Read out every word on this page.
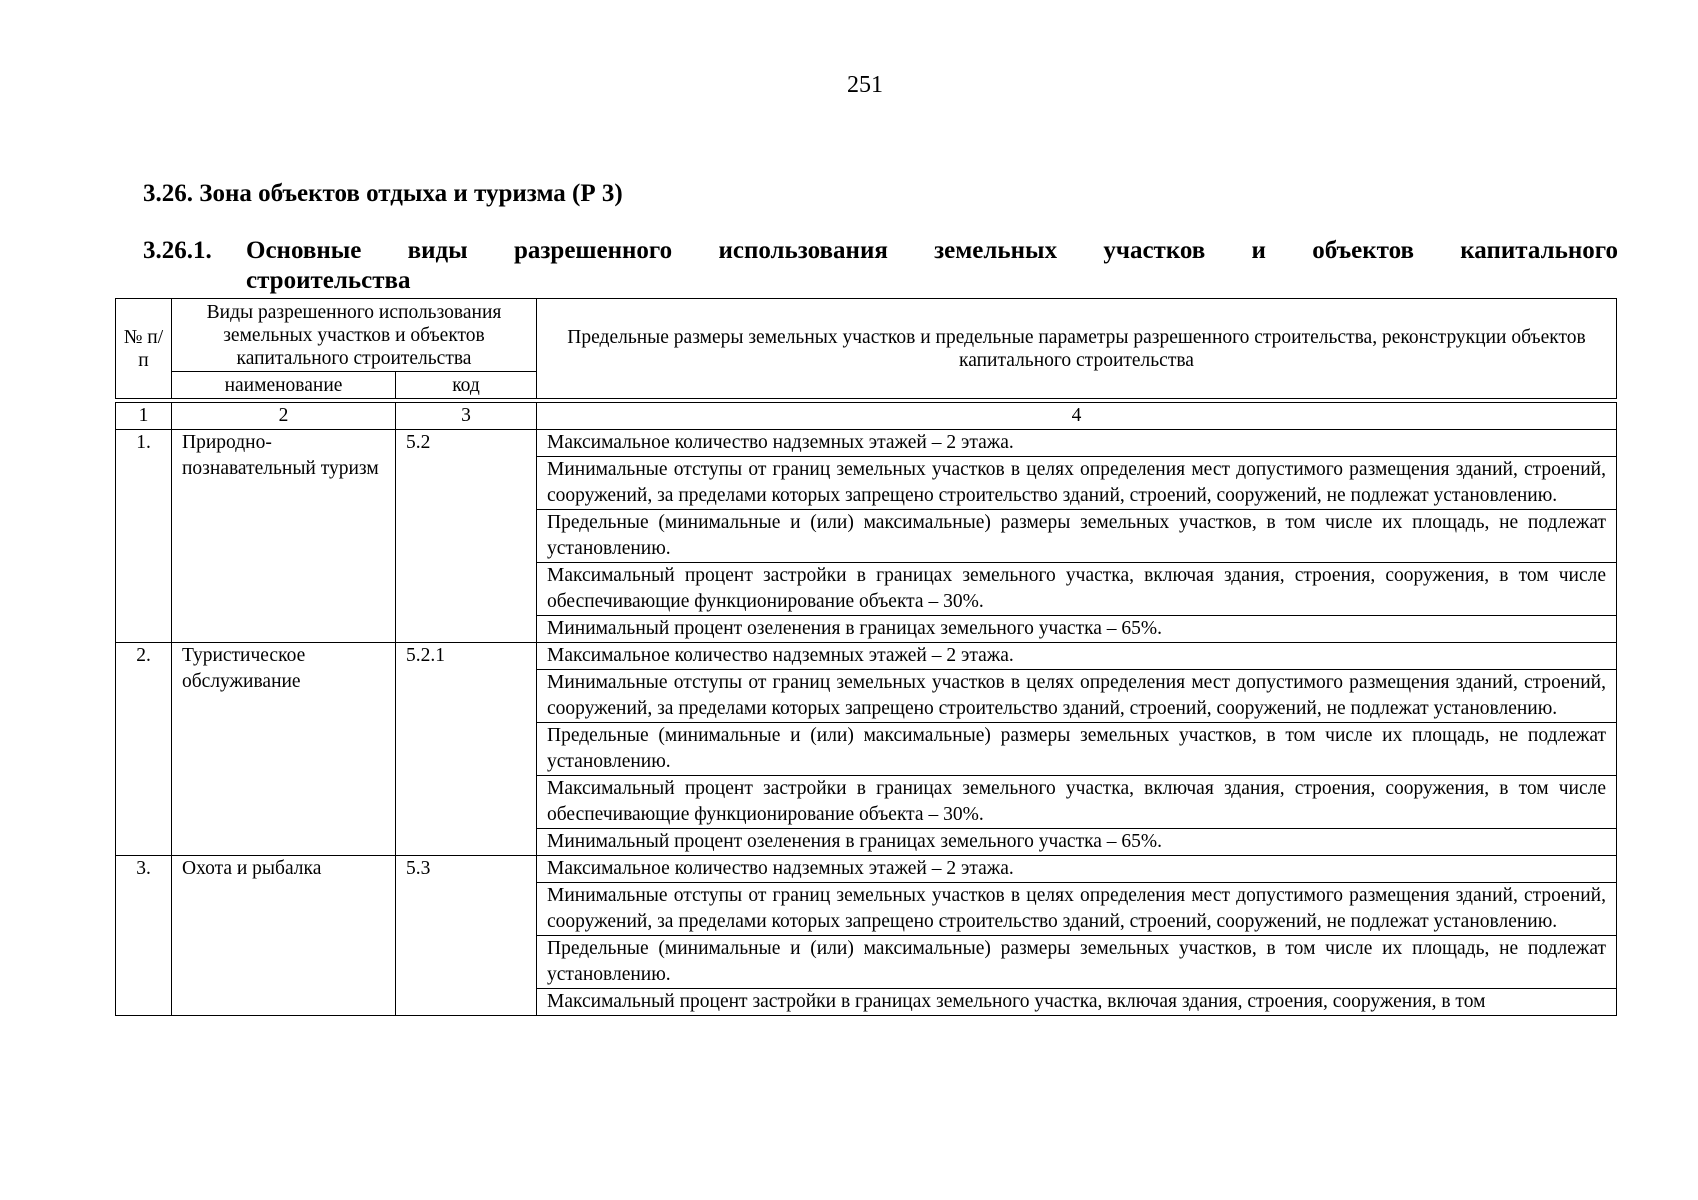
251
3.26. Зона объектов отдыха и туризма (Р 3)
3.26.1.	Основные виды разрешенного использования земельных участков и объектов капитального
строительства
№ п/п	Виды разрешенного использования земельных участков и объектов капитального строительства		Предельные размеры земельных участков и предельные параметры разрешенного строительства, реконструкции объектов капитального строительства
	наименование	код	

1	2	3	4
1.	Природно-познавательный туризм	5.2	Максимальное количество надземных этажей – 2 этажа.
			Минимальные отступы от границ земельных участков в целях определения мест допустимого размещения зданий, строений, сооружений, за пределами которых запрещено строительство зданий, строений, сооружений, не подлежат установлению.
			Предельные (минимальные и (или) максимальные) размеры земельных участков, в том числе их площадь, не подлежат установлению.
			Максимальный процент застройки в границах земельного участка, включая здания, строения, сооружения, в том числе обеспечивающие функционирование объекта – 30%.
			Минимальный процент озеленения в границах земельного участка – 65%.
2.	Туристическое обслуживание	5.2.1	Максимальное количество надземных этажей – 2 этажа.
			Минимальные отступы от границ земельных участков в целях определения мест допустимого размещения зданий, строений, сооружений, за пределами которых запрещено строительство зданий, строений, сооружений, не подлежат установлению.
			Предельные (минимальные и (или) максимальные) размеры земельных участков, в том числе их площадь, не подлежат установлению.
			Максимальный процент застройки в границах земельного участка, включая здания, строения, сооружения, в том числе обеспечивающие функционирование объекта – 30%.
			Минимальный процент озеленения в границах земельного участка – 65%.
3.	Охота и рыбалка	5.3	Максимальное количество надземных этажей – 2 этажа.
			Минимальные отступы от границ земельных участков в целях определения мест допустимого размещения зданий, строений, сооружений, за пределами которых запрещено строительство зданий, строений, сооружений, не подлежат установлению.
			Предельные (минимальные и (или) максимальные) размеры земельных участков, в том числе их площадь, не подлежат установлению.
			Максимальный процент застройки в границах земельного участка, включая здания, строения, сооружения, в том
